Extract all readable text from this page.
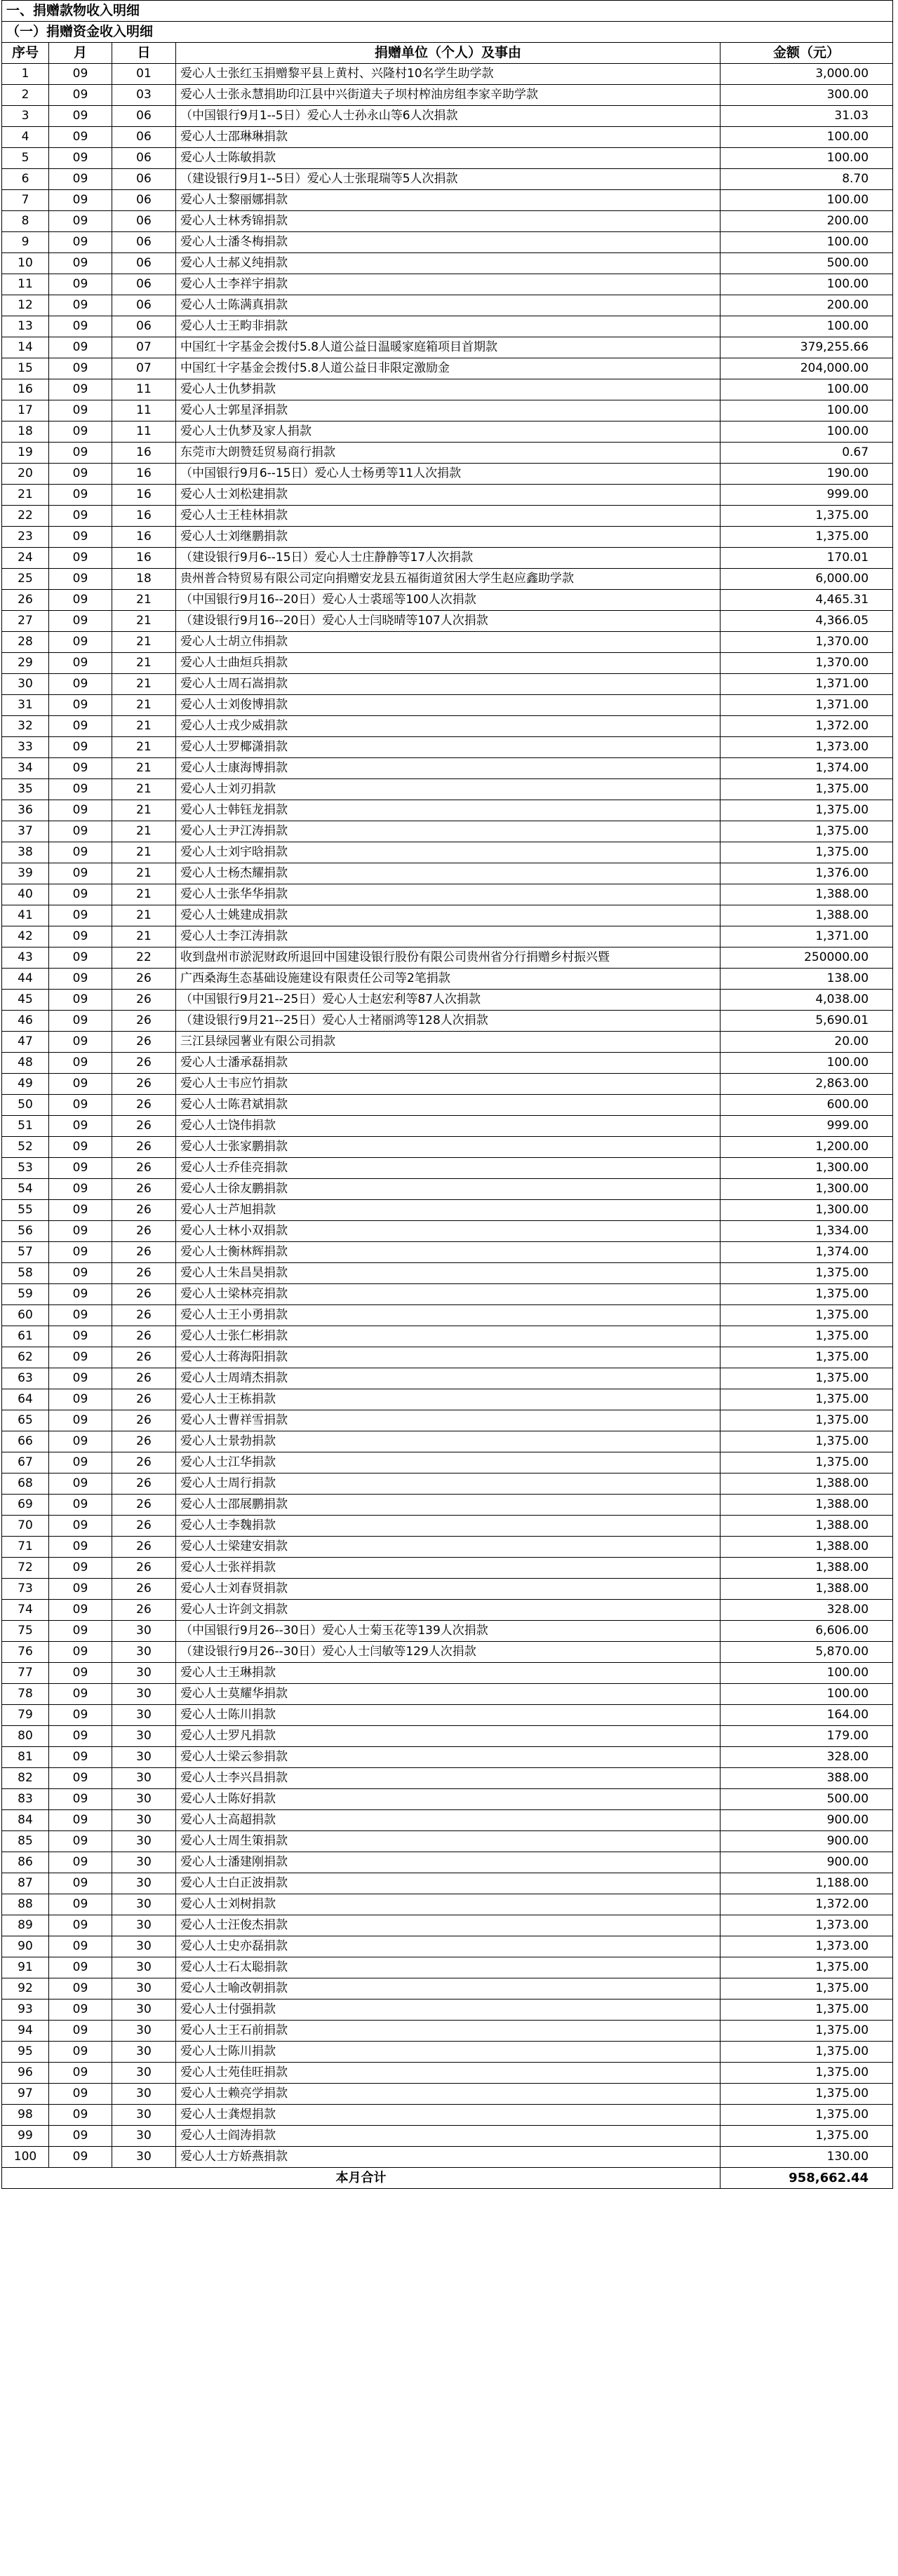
一、捐赠款物收入明细				
（一）捐赠资金收入明细				
序号	月	日	捐赠单位（个人）及事由	金额（元）
1	09	01	爱心人士张红玉捐赠黎平县上黄村、兴隆村10名学生助学款	3,000.00
2	09	03	爱心人士张永慧捐助印江县中兴街道夫子坝村榨油房组李家辛助学款	300.00
3	09	06	（中国银行9月1--5日）爱心人士孙永山等6人次捐款	31.03
4	09	06	爱心人士邵琳琳捐款	100.00
5	09	06	爱心人士陈敏捐款	100.00
6	09	06	（建设银行9月1--5日）爱心人士张琨瑞等5人次捐款	8.70
7	09	06	爱心人士黎丽娜捐款	100.00
8	09	06	爱心人士林秀锦捐款	200.00
9	09	06	爱心人士潘冬梅捐款	100.00
10	09	06	爱心人士郝义纯捐款	500.00
11	09	06	爱心人士李祥宇捐款	100.00
12	09	06	爱心人士陈满真捐款	200.00
13	09	06	爱心人士王畇非捐款	100.00
14	09	07	中国红十字基金会拨付5.8人道公益日温暖家庭箱项目首期款	379,255.66
15	09	07	中国红十字基金会拨付5.8人道公益日非限定激励金	204,000.00
16	09	11	爱心人士仇梦捐款	100.00
17	09	11	爱心人士郭星泽捐款	100.00
18	09	11	爱心人士仇梦及家人捐款	100.00
19	09	16	东莞市大朗赞廷贸易商行捐款	0.67
20	09	16	（中国银行9月6--15日）爱心人士杨勇等11人次捐款	190.00
21	09	16	爱心人士刘松建捐款	999.00
22	09	16	爱心人士王桂林捐款	1,375.00
23	09	16	爱心人士刘继鹏捐款	1,375.00
24	09	16	（建设银行9月6--15日）爱心人士庄静静等17人次捐款	170.01
25	09	18	贵州普合特贸易有限公司定向捐赠安龙县五福街道贫困大学生赵应鑫助学款	6,000.00
26	09	21	（中国银行9月16--20日）爱心人士裘瑶等100人次捐款	4,465.31
27	09	21	（建设银行9月16--20日）爱心人士闫晓晴等107人次捐款	4,366.05
28	09	21	爱心人士胡立伟捐款	1,370.00
29	09	21	爱心人士曲烜兵捐款	1,370.00
30	09	21	爱心人士周石嵩捐款	1,371.00
31	09	21	爱心人士刘俊博捐款	1,371.00
32	09	21	爱心人士戎少威捐款	1,372.00
33	09	21	爱心人士罗椰潇捐款	1,373.00
34	09	21	爱心人士康海博捐款	1,374.00
35	09	21	爱心人士刘刃捐款	1,375.00
36	09	21	爱心人士韩钰龙捐款	1,375.00
37	09	21	爱心人士尹江涛捐款	1,375.00
38	09	21	爱心人士刘宇晗捐款	1,375.00
39	09	21	爱心人士杨杰耀捐款	1,376.00
40	09	21	爱心人士张华华捐款	1,388.00
41	09	21	爱心人士姚建成捐款	1,388.00
42	09	21	爱心人士李江涛捐款	1,371.00
43	09	22	收到盘州市淤泥财政所退回中国建设银行股份有限公司贵州省分行捐赠乡村振兴暨	250000.00
44	09	26	广西桑海生态基础设施建设有限责任公司等2笔捐款	138.00
45	09	26	（中国银行9月21--25日）爱心人士赵宏利等87人次捐款	4,038.00
46	09	26	（建设银行9月21--25日）爱心人士褚丽鸿等128人次捐款	5,690.01
47	09	26	三江县绿园薯业有限公司捐款	20.00
48	09	26	爱心人士潘承磊捐款	100.00
49	09	26	爱心人士韦应竹捐款	2,863.00
50	09	26	爱心人士陈君斌捐款	600.00
51	09	26	爱心人士饶伟捐款	999.00
52	09	26	爱心人士张家鹏捐款	1,200.00
53	09	26	爱心人士乔佳亮捐款	1,300.00
54	09	26	爱心人士徐友鹏捐款	1,300.00
55	09	26	爱心人士芦旭捐款	1,300.00
56	09	26	爱心人士林小双捐款	1,334.00
57	09	26	爱心人士衡林辉捐款	1,374.00
58	09	26	爱心人士朱昌昊捐款	1,375.00
59	09	26	爱心人士梁林亮捐款	1,375.00
60	09	26	爱心人士王小勇捐款	1,375.00
61	09	26	爱心人士张仁彬捐款	1,375.00
62	09	26	爱心人士蒋海阳捐款	1,375.00
63	09	26	爱心人士周靖杰捐款	1,375.00
64	09	26	爱心人士王栋捐款	1,375.00
65	09	26	爱心人士曹祥雪捐款	1,375.00
66	09	26	爱心人士景勃捐款	1,375.00
67	09	26	爱心人士江华捐款	1,375.00
68	09	26	爱心人士周行捐款	1,388.00
69	09	26	爱心人士邵展鹏捐款	1,388.00
70	09	26	爱心人士李魏捐款	1,388.00
71	09	26	爱心人士梁建安捐款	1,388.00
72	09	26	爱心人士张祥捐款	1,388.00
73	09	26	爱心人士刘春贤捐款	1,388.00
74	09	26	爱心人士许剑文捐款	328.00
75	09	30	（中国银行9月26--30日）爱心人士菊玉花等139人次捐款	6,606.00
76	09	30	（建设银行9月26--30日）爱心人士闫敏等129人次捐款	5,870.00
77	09	30	爱心人士王琳捐款	100.00
78	09	30	爱心人士莫耀华捐款	100.00
79	09	30	爱心人士陈川捐款	164.00
80	09	30	爱心人士罗凡捐款	179.00
81	09	30	爱心人士梁云参捐款	328.00
82	09	30	爱心人士李兴昌捐款	388.00
83	09	30	爱心人士陈好捐款	500.00
84	09	30	爱心人士高超捐款	900.00
85	09	30	爱心人士周生策捐款	900.00
86	09	30	爱心人士潘建刚捐款	900.00
87	09	30	爱心人士白正波捐款	1,188.00
88	09	30	爱心人士刘树捐款	1,372.00
89	09	30	爱心人士汪俊杰捐款	1,373.00
90	09	30	爱心人士史亦磊捐款	1,373.00
91	09	30	爱心人士石太聪捐款	1,375.00
92	09	30	爱心人士喻改朝捐款	1,375.00
93	09	30	爱心人士付强捐款	1,375.00
94	09	30	爱心人士王石前捐款	1,375.00
95	09	30	爱心人士陈川捐款	1,375.00
96	09	30	爱心人士苑佳旺捐款	1,375.00
97	09	30	爱心人士赖亮学捐款	1,375.00
98	09	30	爱心人士龚煜捐款	1,375.00
99	09	30	爱心人士阎涛捐款	1,375.00
100	09	30	爱心人士方娇燕捐款	130.00
本月合计				958,662.44
